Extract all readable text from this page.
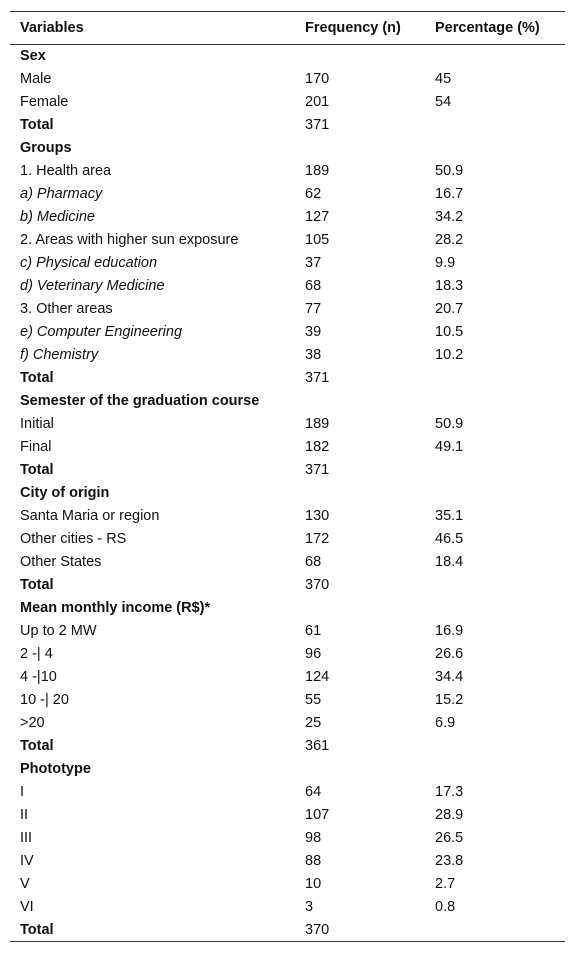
Variables	Frequency (n)	Percentage (%)
Sex		
Male	170	45
Female	201	54
Total	371	
Groups		
1. Health area	189	50.9
a) Pharmacy	62	16.7
b) Medicine	127	34.2
2. Areas with higher sun exposure	105	28.2
c) Physical education	37	9.9
d) Veterinary Medicine	68	18.3
3. Other areas	77	20.7
e) Computer Engineering	39	10.5
f) Chemistry	38	10.2
Total	371	
Semester of the graduation course		
Initial	189	50.9
Final	182	49.1
Total	371	
City of origin		
Santa Maria or region	130	35.1
Other cities - RS	172	46.5
Other States	68	18.4
Total	370	
Mean monthly income (R$)*		
Up to 2 MW	61	16.9
2 -| 4	96	26.6
4 -|10	124	34.4
10 -| 20	55	15.2
>20	25	6.9
Total	361	
Phototype		
I	64	17.3
II	107	28.9
III	98	26.5
IV	88	23.8
V	10	2.7
VI	3	0.8
Total	370	
